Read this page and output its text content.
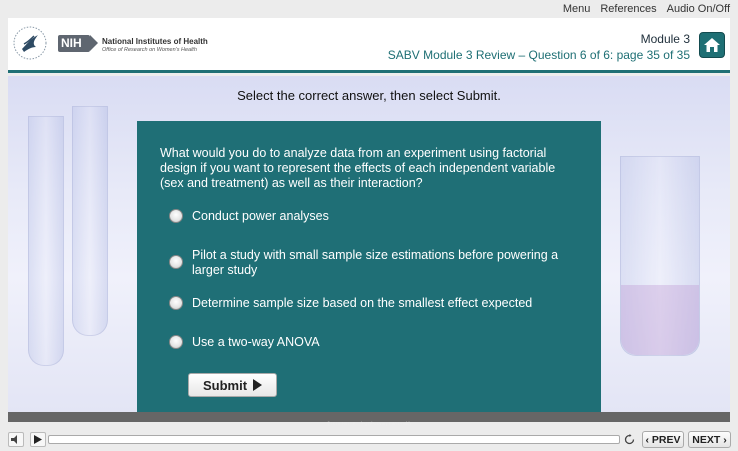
Menu References Audio On/Off
NIH	National Institutes of Health
Office of Research on Women's Health
Module 3
SABV Module 3 Review – Question 6 of 6: page 35 of 35
Select the correct answer, then select Submit.
What would you do to analyze data from an experiment using factorial design if you want to represent the effects of each independent variable (sex and treatment) as well as their interaction?
Conduct power analyses
Pilot a study with small sample size estimations before powering a larger study
Determine sample size based on the smallest effect expected
Use a two-way ANOVA
Submit
©2019 NIH_Turning Discovery Into Health
‹ PREV	NEXT ›
